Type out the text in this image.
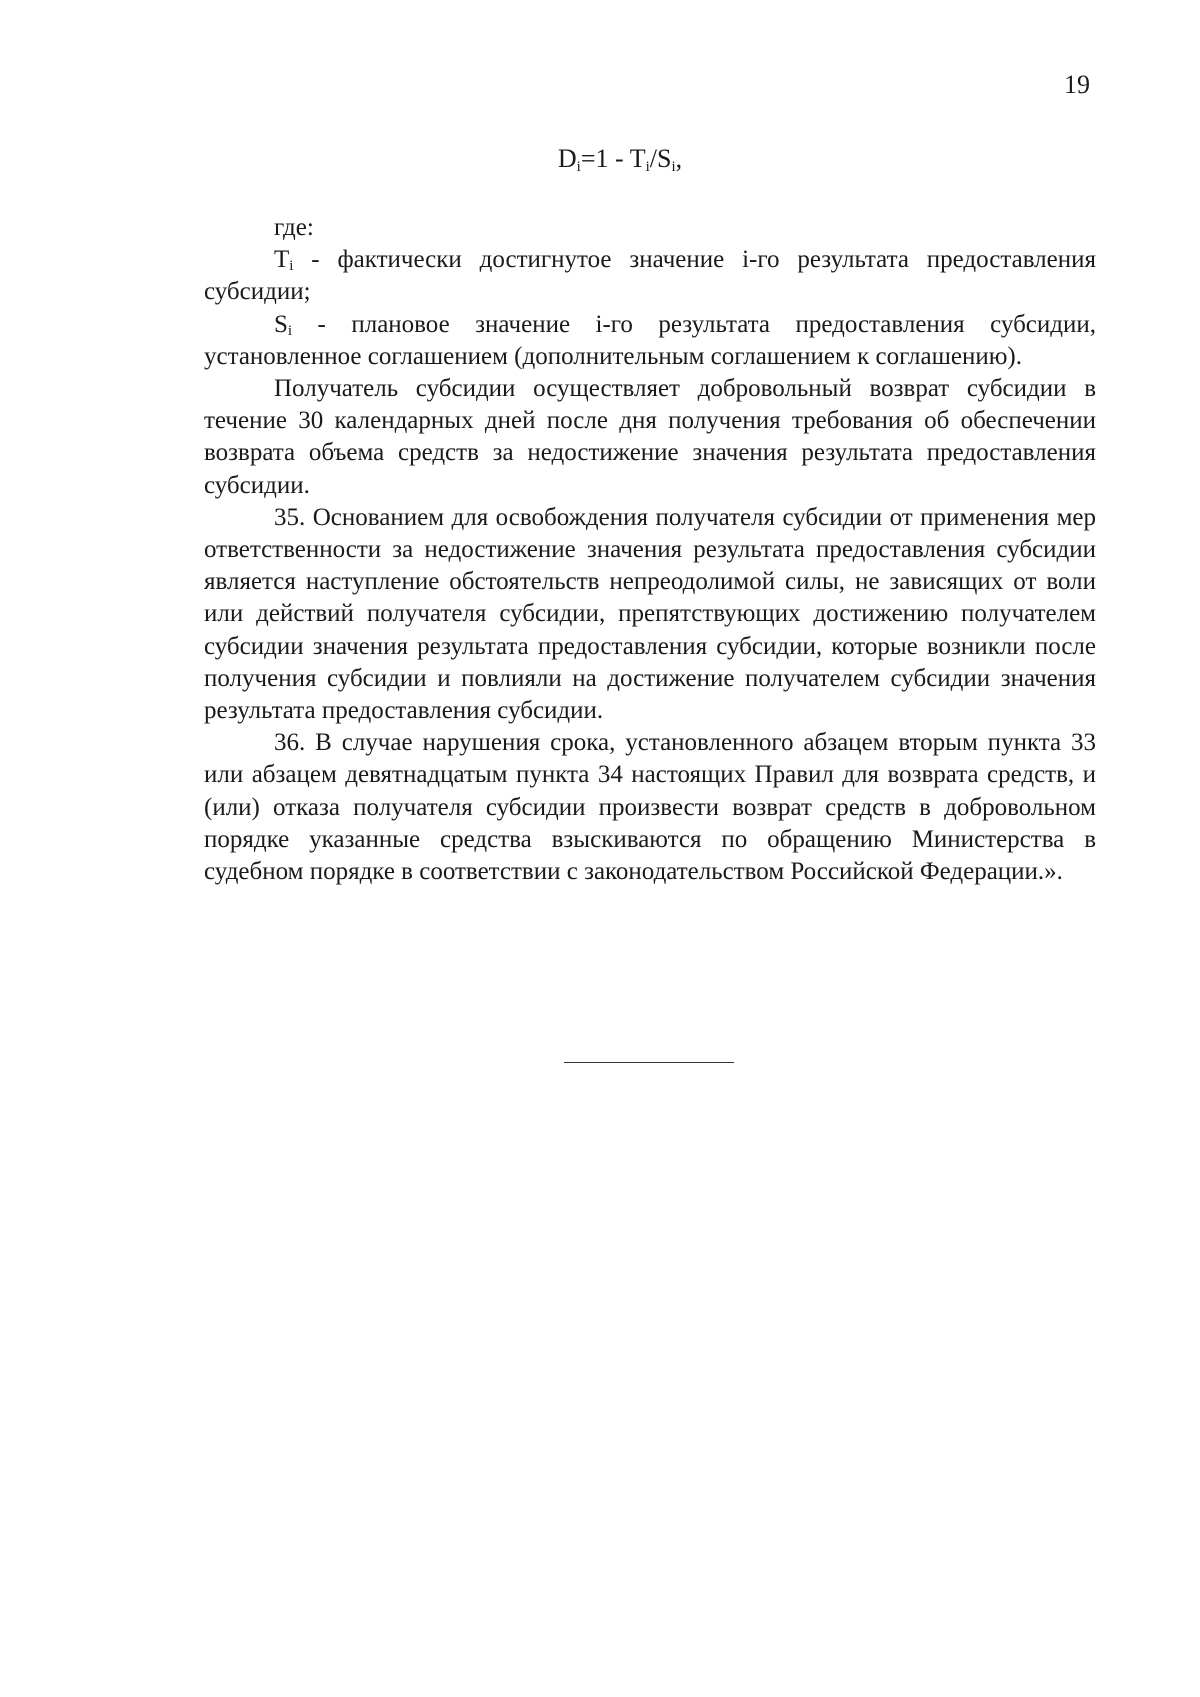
19
$D_i=1 - T_i/S_i$,

где:

$T_i$ - фактически достигнутое значение i-го результата предоставления субсидии;

$S_i$ - плановое значение i-го результата предоставления субсидии, установленное соглашением (дополнительным соглашением к соглашению).

Получатель субсидии осуществляет добровольный возврат субсидии в течение 30 календарных дней после дня получения требования об обеспечении возврата объема средств за недостижение значения результата предоставления субсидии.

35. Основанием для освобождения получателя субсидии от применения мер ответственности за недостижение значения результата предоставления субсидии является наступление обстоятельств непреодолимой силы, не зависящих от воли или действий получателя субсидии, препятствующих достижению получателем субсидии значения результата предоставления субсидии, которые возникли после получения субсидии и повлияли на достижение получателем субсидии значения результата предоставления субсидии.

36. В случае нарушения срока, установленного абзацем вторым пункта 33 или абзацем девятнадцатым пункта 34 настоящих Правил для возврата средств, и (или) отказа получателя субсидии произвести возврат средств в добровольном порядке указанные средства взыскиваются по обращению Министерства в судебном порядке в соответствии с законодательством Российской Федерации.».
